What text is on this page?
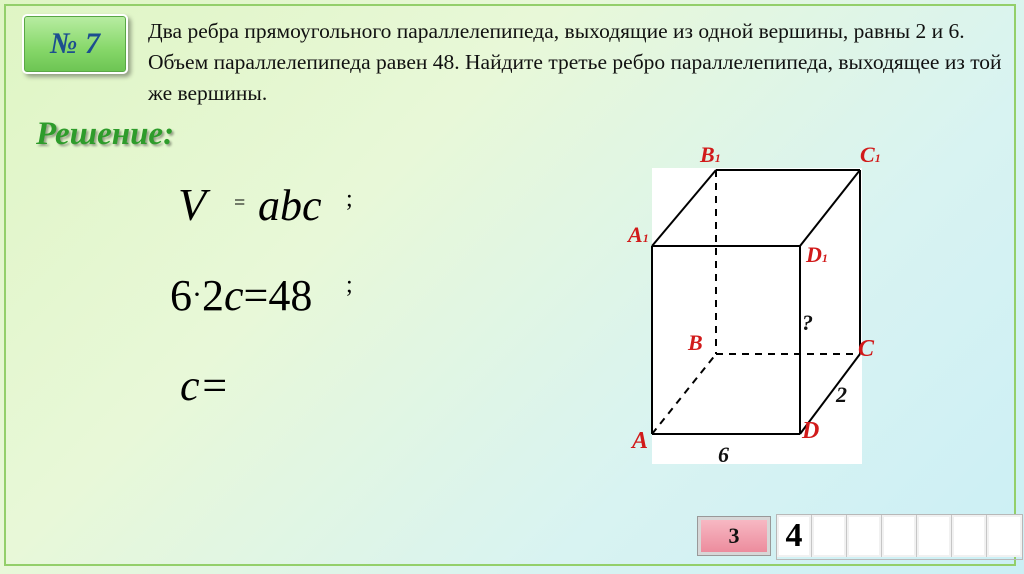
№ 7 Два ребра прямоугольного параллелепипеда, выходящие из одной вершины, равны 2 и 6. Объем параллелепипеда равен 48. Найдите третье ребро параллелепипеда, выходящее из той же вершины.
Решение:
V = abc ;
6·2c=48 ;
c=
B1	C1
A1
D1
B	C
A	D
?
2
6
3	4
